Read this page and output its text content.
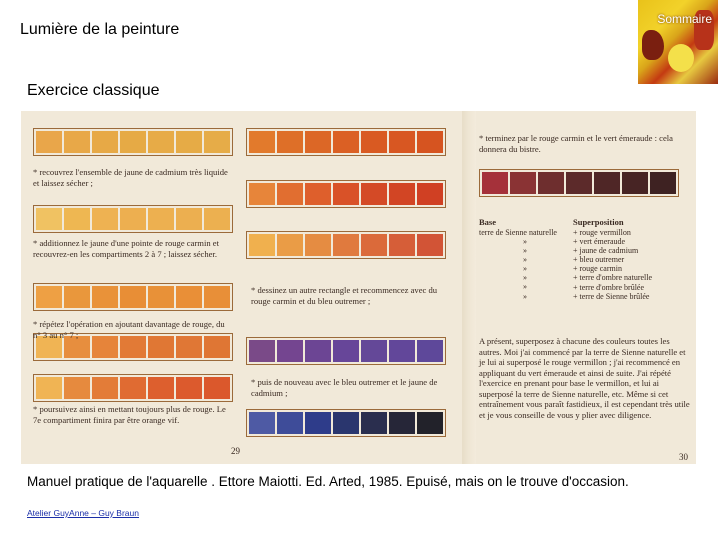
Lumière de la peinture
Sommaire
Exercice classique
* recouvrez l'ensemble de jaune de cadmium très liquide et laissez sécher ;
* additionnez le jaune d'une pointe de rouge carmin et recouvrez-en les compartiments 2 à 7 ; laissez sécher.
* répétez l'opération en ajoutant davantage de rouge, du n° 3 au n° 7 ;
* poursuivez ainsi en mettant toujours plus de rouge. Le 7e compartiment finira par être orange vif.
* dessinez un autre rectangle et recommencez avec du rouge carmin et du bleu outremer ;
* puis de nouveau avec le bleu outremer et le jaune de cadmium ;
29
* terminez par le rouge carmin et le vert émeraude : cela donnera du bistre.
Base	Superposition
terre de Sienne naturelle
»
»
»
»
»
»
»
+ rouge vermillon
+ vert émeraude
+ jaune de cadmium
+ bleu outremer
+ rouge carmin
+ terre d'ombre naturelle
+ terre d'ombre brûlée
+ terre de Sienne brûlée
A présent, superposez à chacune des couleurs toutes les autres. Moi j'ai commencé par la terre de Sienne naturelle et je lui ai superposé le rouge vermillon ; j'ai recommencé en appliquant du vert émeraude et ainsi de suite. J'ai répété l'exercice en prenant pour base le vermillon, et lui ai superposé la terre de Sienne naturelle, etc. Même si cet entraînement vous paraît fastidieux, il est cependant très utile et je vous conseille de vous y plier avec diligence.
30
Manuel pratique de l'aquarelle . Ettore Maiotti. Ed. Arted, 1985. Epuisé, mais on le trouve d'occasion.
Atelier GuyAnne – Guy Braun
